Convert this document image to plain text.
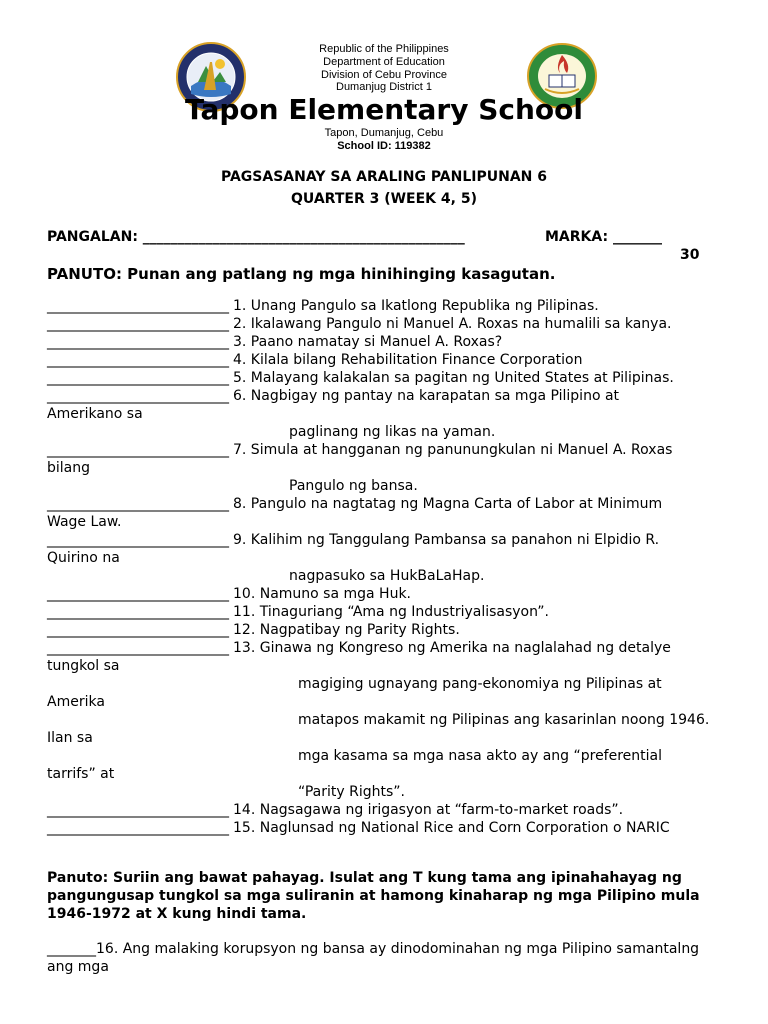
Republic of the Philippines
Department of Education
Division of Cebu Province
Dumanjug District 1
Tapon Elementary School
Tapon, Dumanjug, Cebu
School ID: 119382
PAGSASANAY SA ARALING PANLIPUNAN 6
QUARTER 3 (WEEK 4, 5)
PANGALAN: ______________________________________________	MARKA: _______
30
PANUTO: Punan ang patlang ng mga hinihinging kasagutan.
__________________________ 1. Unang Pangulo sa Ikatlong Republika ng Pilipinas.
__________________________ 2. Ikalawang Pangulo ni Manuel A. Roxas na humalili sa kanya.
__________________________ 3. Paano namatay si Manuel A. Roxas?
__________________________ 4. Kilala bilang Rehabilitation Finance Corporation
__________________________ 5. Malayang kalakalan sa pagitan ng United States at Pilipinas.
__________________________ 6. Nagbigay ng pantay na karapatan sa mga Pilipino at
Amerikano sa
paglinang ng likas na yaman.
__________________________ 7. Simula at hangganan ng panunungkulan ni Manuel A. Roxas
bilang
Pangulo ng bansa.
__________________________ 8. Pangulo na nagtatag ng Magna Carta of Labor at Minimum
Wage Law.
__________________________ 9. Kalihim ng Tanggulang Pambansa sa panahon ni Elpidio R.
Quirino na
nagpasuko sa HukBaLaHap.
__________________________ 10. Namuno sa mga Huk.
__________________________ 11. Tinaguriang “Ama ng Industriyalisasyon”.
__________________________ 12. Nagpatibay ng Parity Rights.
__________________________ 13. Ginawa ng Kongreso ng Amerika na naglalahad ng detalye
tungkol sa
magiging ugnayang pang-ekonomiya ng Pilipinas at
Amerika
matapos makamit ng Pilipinas ang kasarinlan noong 1946.
Ilan sa
mga kasama sa mga nasa akto ay ang “preferential
tarrifs” at
“Parity Rights”.
__________________________ 14. Nagsagawa ng irigasyon at “farm-to-market roads”.
__________________________ 15. Naglunsad ng National Rice and Corn Corporation o NARIC
Panuto: Suriin ang bawat pahayag. Isulat ang T kung tama ang ipinahahayag ng
pangungusap tungkol sa mga suliranin at hamong kinaharap ng mga Pilipino mula
1946-1972 at X kung hindi tama.
_______16. Ang malaking korupsyon ng bansa ay dinodominahan ng mga Pilipino samantalng
ang mga
